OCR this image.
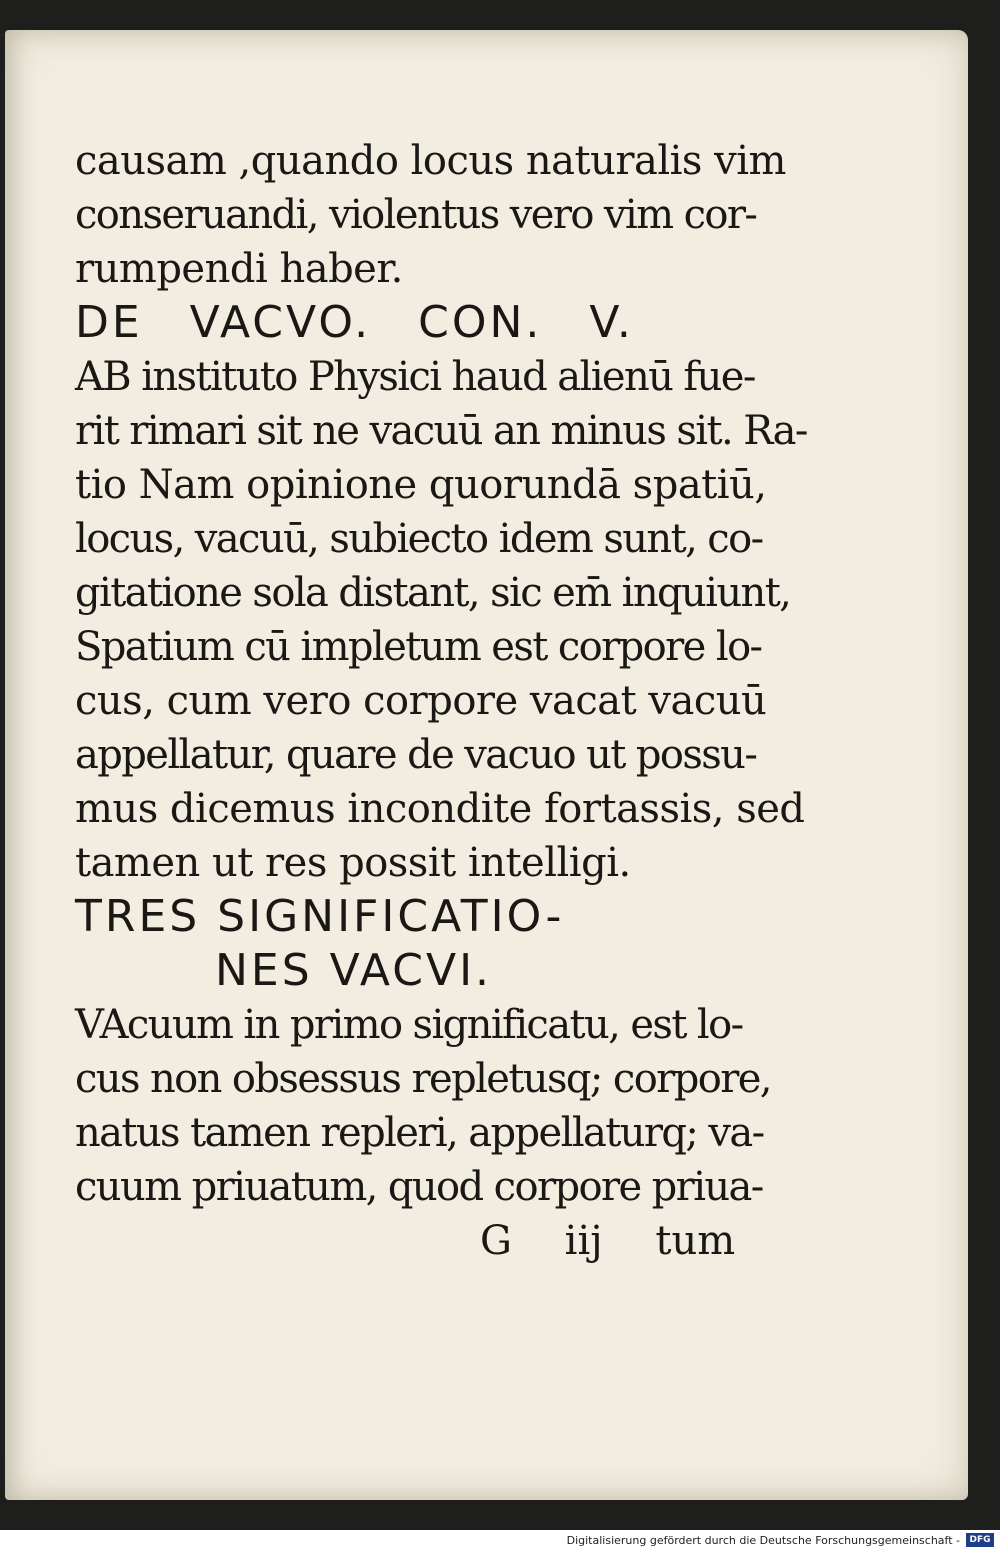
causam ,quando locus naturalis vim
conseruandi, violentus vero vim cor-
rumpendi haber.
DE VACVO. CON. V.
AB instituto Physici haud alienū fue-
rit rimari sit ne vacuū an minus sit. Ra-
tio Nam opinione quorundā spatiū,
locus, vacuū, subiecto idem sunt, co-
gitatione sola distant, sic em̄ inquiunt,
Spatium cū impletum est corpore lo-
cus, cum vero corpore vacat vacuū
appellatur, quare de vacuo ut possu-
mus dicemus incondite fortassis, sed
tamen ut res possit intelligi.
TRES SIGNIFICATIO-
NES VACVI.
VAcuum in primo significatu, est lo-
cus non obsessus repletusq; corpore,
natus tamen repleri, appellaturq; va-
cuum priuatum, quod corpore priua-
G iij tum
Digitalisierung gefördert durch die Deutsche Forschungsgemeinschaft -	DFG
